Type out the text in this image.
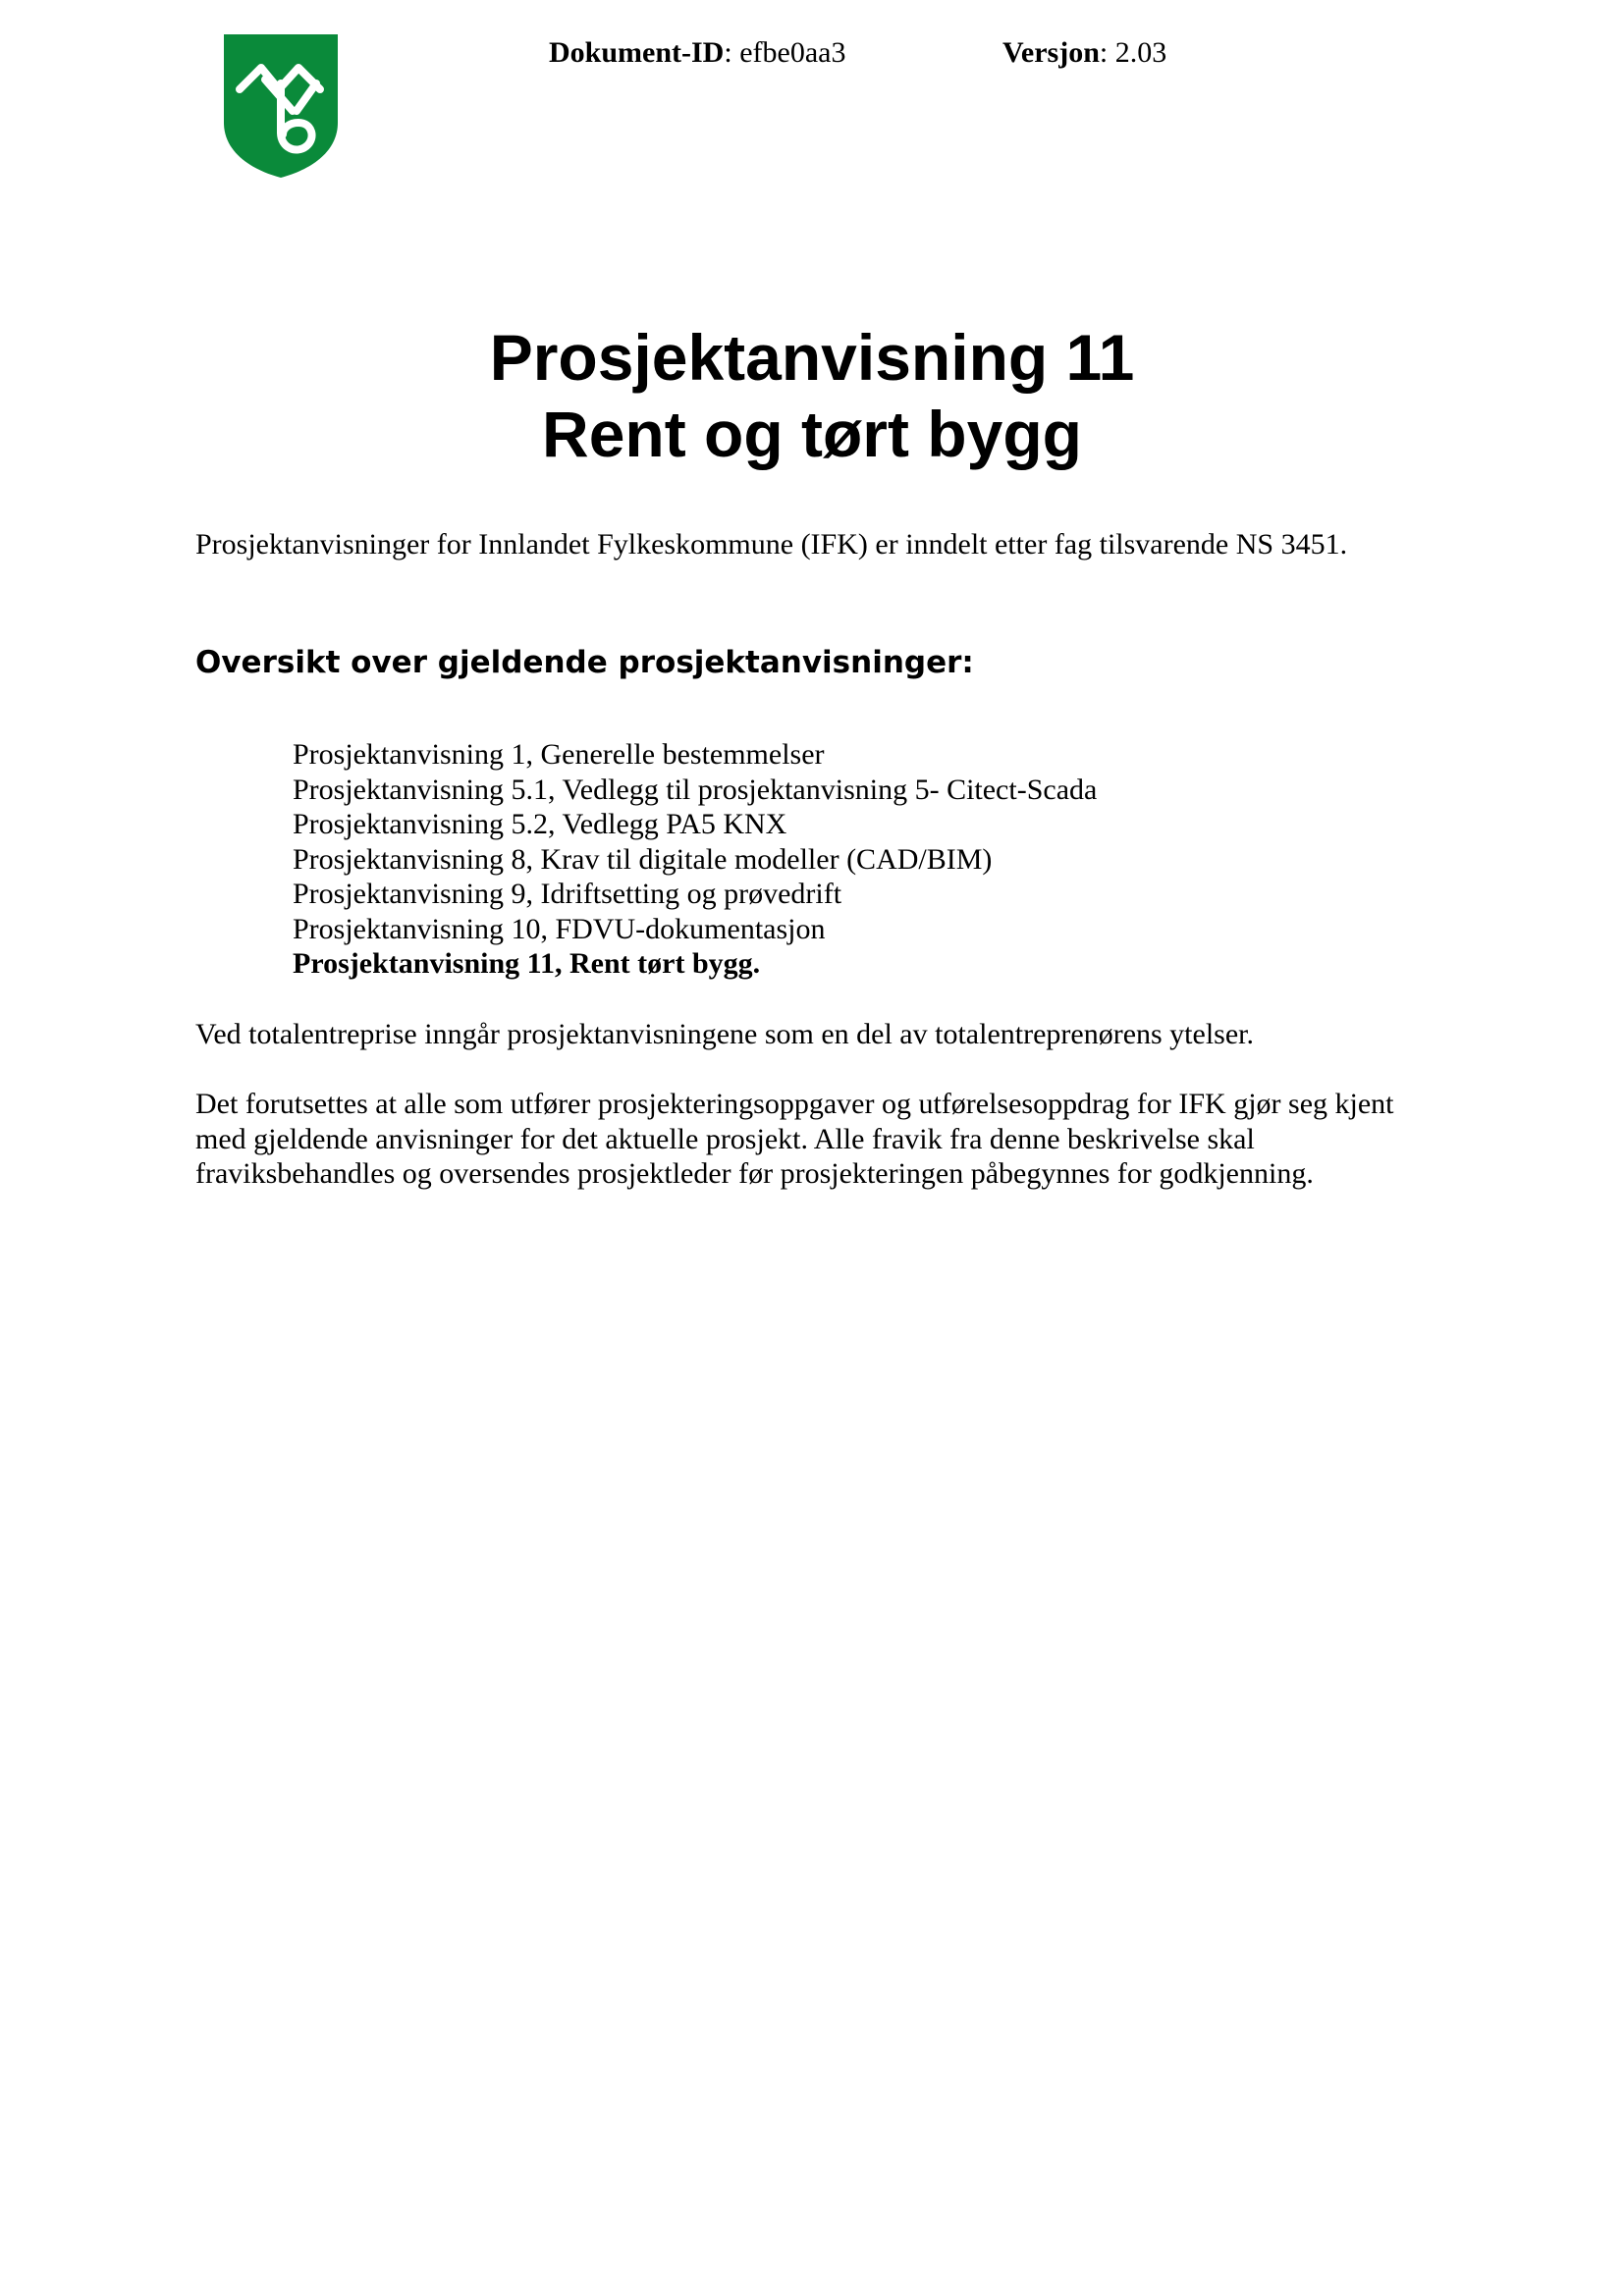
Dokument-ID: efbe0aa3	Versjon: 2.03
Prosjektanvisning 11
Rent og tørt bygg
Prosjektanvisninger for Innlandet Fylkeskommune (IFK) er inndelt etter fag tilsvarende NS 3451.
Oversikt over gjeldende prosjektanvisninger:
Prosjektanvisning 1, Generelle bestemmelser
Prosjektanvisning 5.1, Vedlegg til prosjektanvisning 5- Citect-Scada
Prosjektanvisning 5.2, Vedlegg PA5 KNX
Prosjektanvisning 8, Krav til digitale modeller (CAD/BIM)
Prosjektanvisning 9, Idriftsetting og prøvedrift
Prosjektanvisning 10, FDVU-dokumentasjon
Prosjektanvisning 11, Rent tørt bygg.
Ved totalentreprise inngår prosjektanvisningene som en del av totalentreprenørens ytelser.
Det forutsettes at alle som utfører prosjekteringsoppgaver og utførelsesoppdrag for IFK gjør seg kjent
med gjeldende anvisninger for det aktuelle prosjekt. Alle fravik fra denne beskrivelse skal
fraviksbehandles og oversendes prosjektleder før prosjekteringen påbegynnes for godkjenning.
